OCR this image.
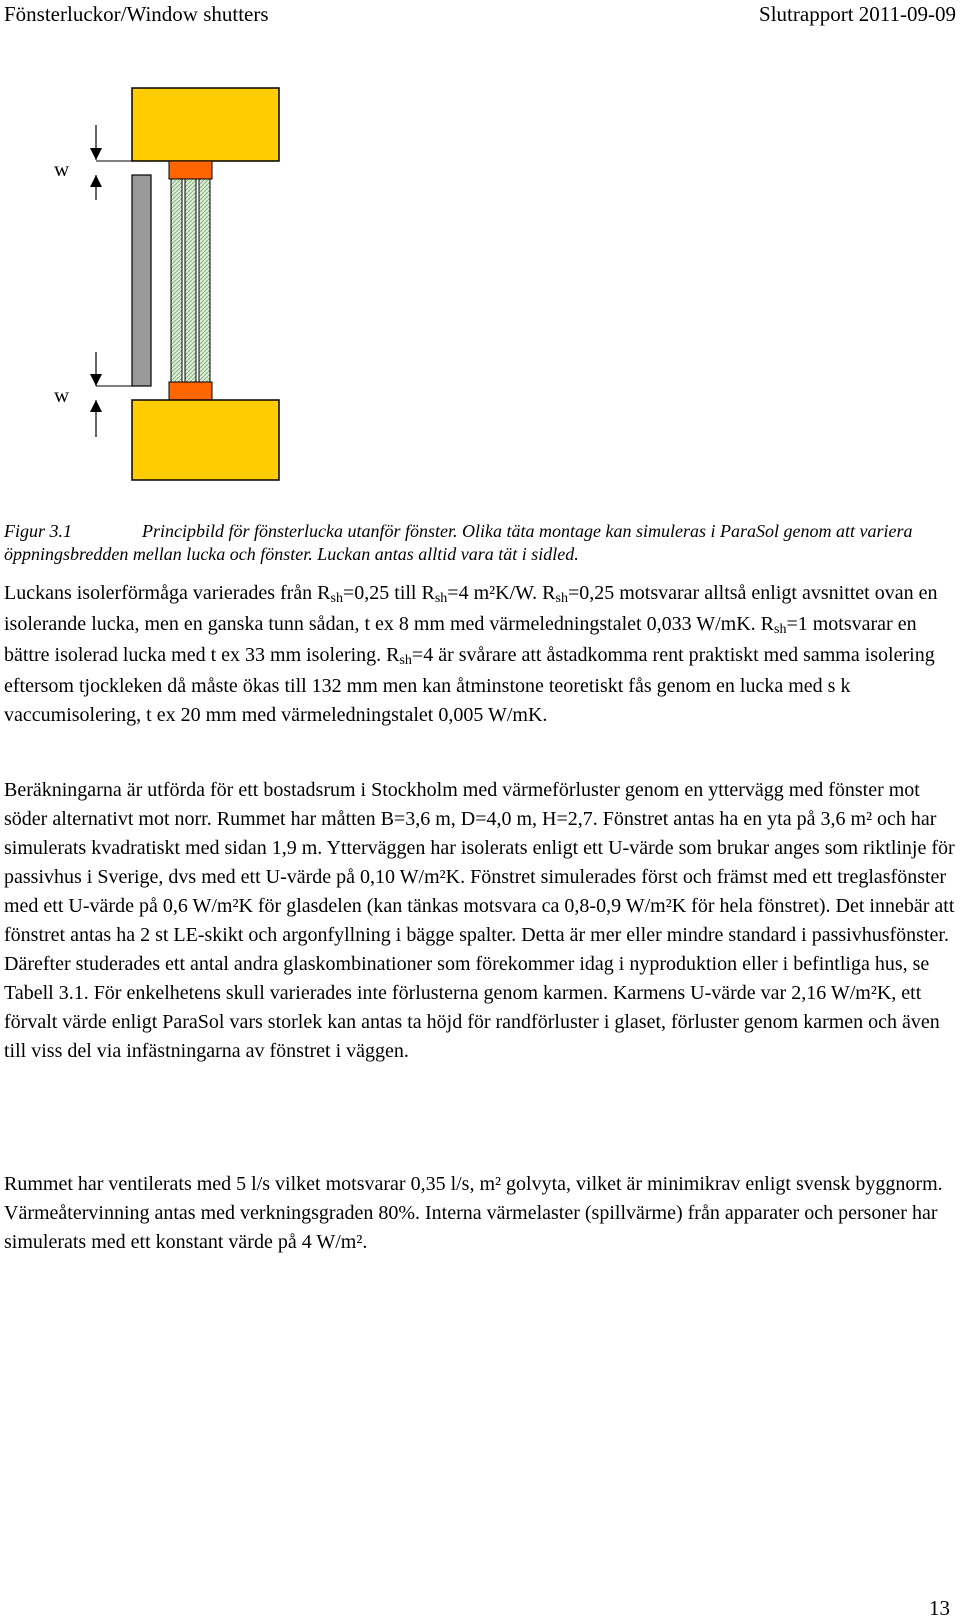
Fönsterluckor/Window shutters	Slutrapport 2011-09-09
w
w
Figur 3.1	Principbild för fönsterlucka utanför fönster. Olika täta montage kan simuleras i ParaSol genom att variera öppningsbredden mellan lucka och fönster. Luckan antas alltid vara tät i sidled.

Luckans isolerförmåga varierades från Rsh=0,25 till Rsh=4 m²K/W. Rsh=0,25 motsvarar alltså enligt avsnittet ovan en isolerande lucka, men en ganska tunn sådan, t ex 8 mm med värmeledningstalet 0,033 W/mK. Rsh=1 motsvarar en bättre isolerad lucka med t ex 33 mm isolering. Rsh=4 är svårare att åstadkomma rent praktiskt med samma isolering eftersom tjockleken då måste ökas till 132 mm men kan åtminstone teoretiskt fås genom en lucka med s k vaccumisolering, t ex 20 mm med värmeledningstalet 0,005 W/mK.

Beräkningarna är utförda för ett bostadsrum i Stockholm med värmeförluster genom en yttervägg med fönster mot söder alternativt mot norr. Rummet har måtten B=3,6 m, D=4,0 m, H=2,7. Fönstret antas ha en yta på 3,6 m² och har simulerats kvadratiskt med sidan 1,9 m. Ytterväggen har isolerats enligt ett U-värde som brukar anges som riktlinje för passivhus i Sverige, dvs med ett U-värde på 0,10 W/m²K. Fönstret simulerades först och främst med ett treglasfönster med ett U-värde på 0,6 W/m²K för glasdelen (kan tänkas motsvara ca 0,8-0,9 W/m²K för hela fönstret). Det innebär att fönstret antas ha 2 st LE-skikt och argonfyllning i bägge spalter. Detta är mer eller mindre standard i passivhusfönster. Därefter studerades ett antal andra glaskombinationer som förekommer idag i nyproduktion eller i befintliga hus, se Tabell 3.1. För enkelhetens skull varierades inte förlusterna genom karmen. Karmens U-värde var 2,16 W/m²K, ett förvalt värde enligt ParaSol vars storlek kan antas ta höjd för randförluster i glaset, förluster genom karmen och även till viss del via infästningarna av fönstret i väggen.

Rummet har ventilerats med 5 l/s vilket motsvarar 0,35 l/s, m² golvyta, vilket är minimikrav enligt svensk byggnorm. Värmeåtervinning antas med verkningsgraden 80%. Interna värmelaster (spillvärme) från apparater och personer har simulerats med ett konstant värde på 4 W/m².

13
